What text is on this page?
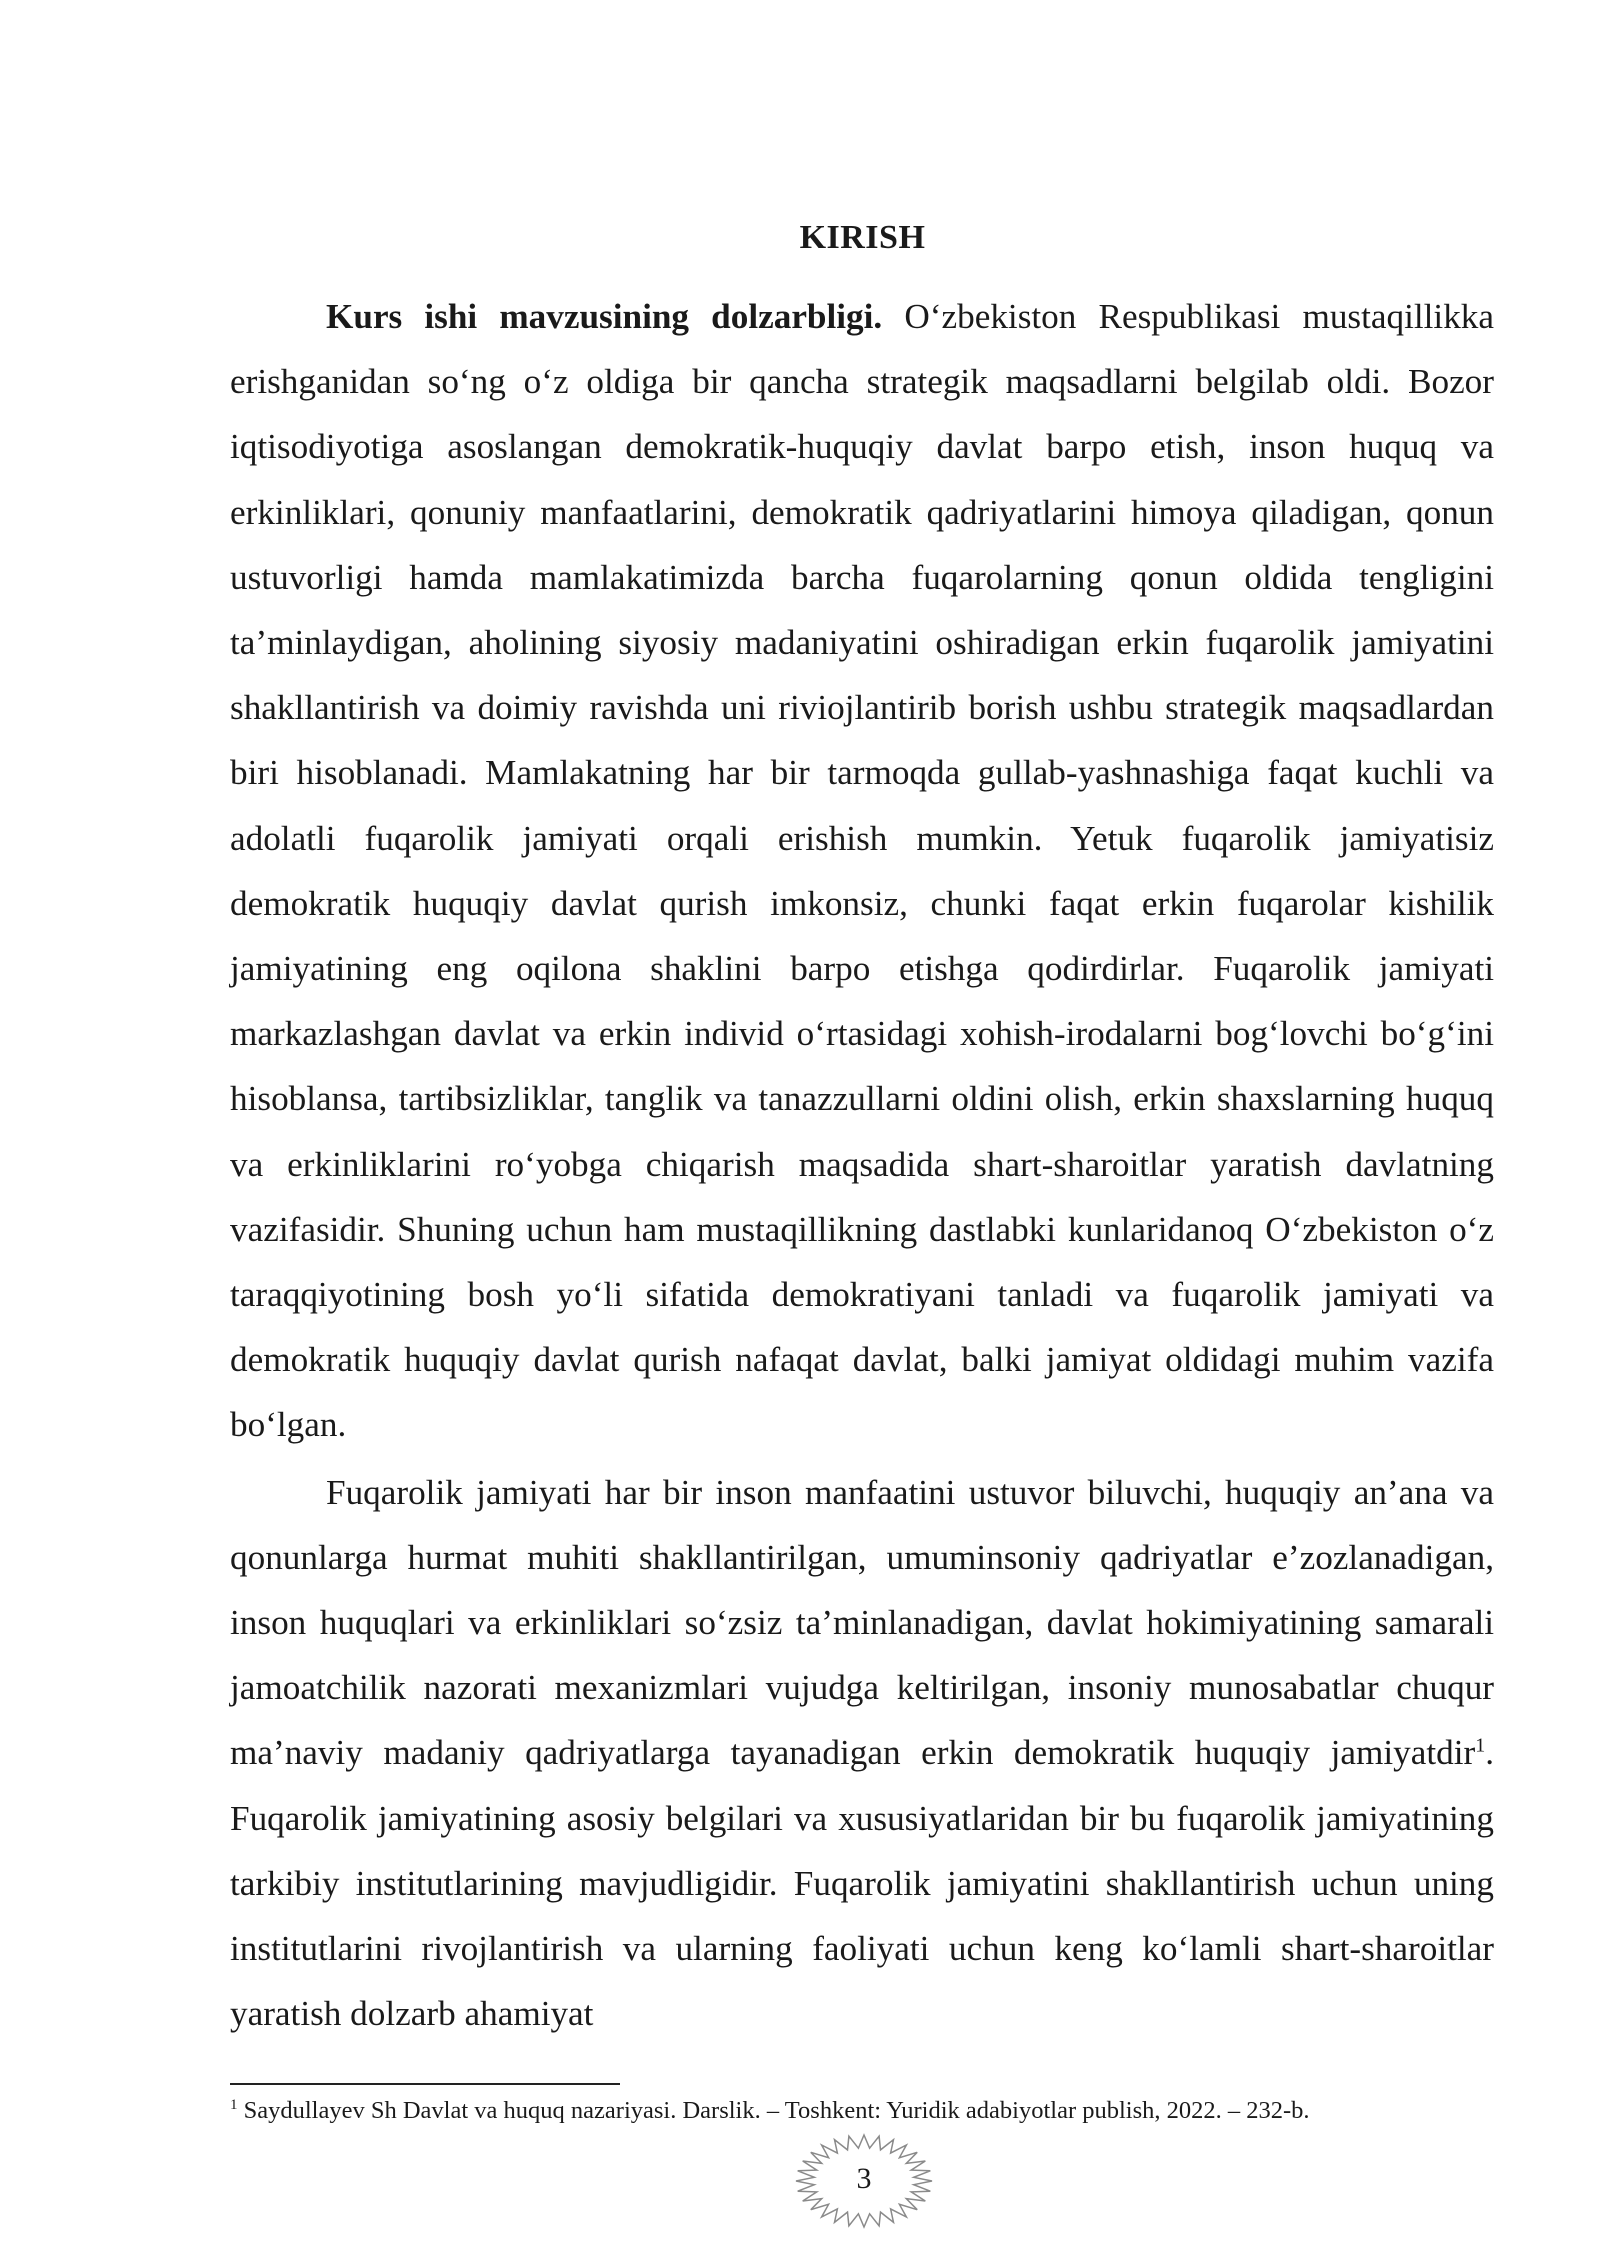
KIRISH

Kurs ishi mavzusining dolzarbligi. O‘zbekiston Respublikasi mustaqillikka erishganidan so‘ng o‘z oldiga bir qancha strategik maqsadlarni belgilab oldi. Bozor iqtisodiyotiga asoslangan demokratik-huquqiy davlat barpo etish, inson huquq va erkinliklari, qonuniy manfaatlarini, demokratik qadriyatlarini himoya qiladigan, qonun ustuvorligi hamda mamlakatimizda barcha fuqarolarning qonun oldida tengligini ta’minlaydigan, aholining siyosiy madaniyatini oshiradigan erkin fuqarolik jamiyatini shakllantirish va doimiy ravishda uni riviojlantirib borish ushbu strategik maqsadlardan biri hisoblanadi. Mamlakatning har bir tarmoqda gullab-yashnashiga faqat kuchli va adolatli fuqarolik jamiyati orqali erishish mumkin. Yetuk fuqarolik jamiyatisiz demokratik huquqiy davlat qurish imkonsiz, chunki faqat erkin fuqarolar kishilik jamiyatining eng oqilona shaklini barpo etishga qodirdirlar. Fuqarolik jamiyati markazlashgan davlat va erkin individ o‘rtasidagi xohish-irodalarni bog‘lovchi bo‘g‘ini hisoblansa, tartibsizliklar, tanglik va tanazzullarni oldini olish, erkin shaxslarning huquq va erkinliklarini ro‘yobga chiqarish maqsadida shart-sharoitlar yaratish davlatning vazifasidir. Shuning uchun ham mustaqillikning dastlabki kunlaridanoq O‘zbekiston o‘z taraqqiyotining bosh yo‘li sifatida demokratiyani tanladi va fuqarolik jamiyati va demokratik huquqiy davlat qurish nafaqat davlat, balki jamiyat oldidagi muhim vazifa bo‘lgan.

Fuqarolik jamiyati har bir inson manfaatini ustuvor biluvchi, huquqiy an’ana va qonunlarga hurmat muhiti shakllantirilgan, umuminsoniy qadriyatlar e’zozlanadigan, inson huquqlari va erkinliklari so‘zsiz ta’minlanadigan, davlat hokimiyatining samarali jamoatchilik nazorati mexanizmlari vujudga keltirilgan, insoniy munosabatlar chuqur ma’naviy madaniy qadriyatlarga tayanadigan erkin demokratik huquqiy jamiyatdir$^1$. Fuqarolik jamiyatining asosiy belgilari va xususiyatlaridan bir bu fuqarolik jamiyatining tarkibiy institutlarining mavjudligidir. Fuqarolik jamiyatini shakllantirish uchun uning institutlarini rivojlantirish va ularning faoliyati uchun keng ko‘lamli shart-sharoitlar yaratish dolzarb ahamiyat

$^1$ Saydullayev Sh Davlat va huquq nazariyasi. Darslik. – Toshkent: Yuridik adabiyotlar publish, 2022. – 232-b.
3
